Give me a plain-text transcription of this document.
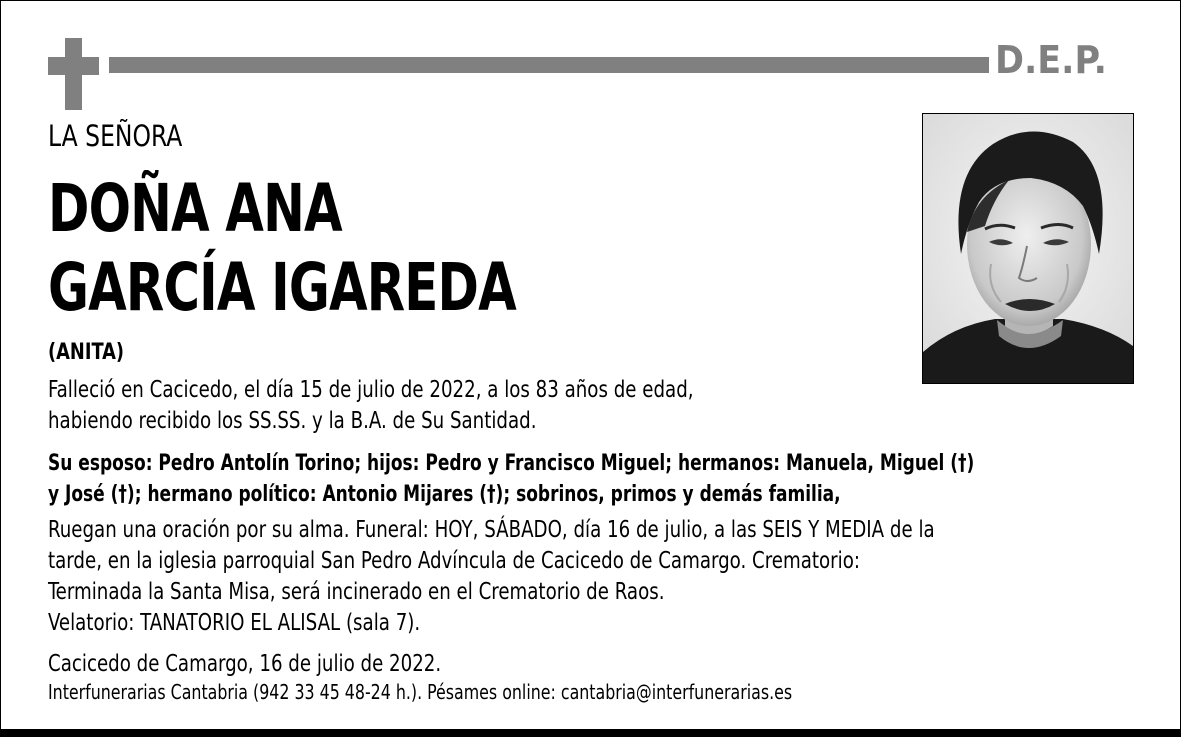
D.E.P.
LA SEÑORA
DOÑA ANA
GARCÍA IGAREDA
(ANITA)
Falleció en Cacicedo, el día 15 de julio de 2022, a los 83 años de edad,
habiendo recibido los SS.SS. y la B.A. de Su Santidad.
Su esposo: Pedro Antolín Torino; hijos: Pedro y Francisco Miguel; hermanos: Manuela, Miguel (†)
y José (†); hermano político: Antonio Mijares (†); sobrinos, primos y demás familia,
Ruegan una oración por su alma. Funeral: HOY, SÁBADO, día 16 de julio, a las SEIS Y MEDIA de la
tarde, en la iglesia parroquial San Pedro Advíncula de Cacicedo de Camargo. Crematorio:
Terminada la Santa Misa, será incinerado en el Crematorio de Raos.
Velatorio: TANATORIO EL ALISAL (sala 7).
Cacicedo de Camargo, 16 de julio de 2022.
Interfunerarias Cantabria (942 33 45 48-24 h.). Pésames online: cantabria@interfunerarias.es
